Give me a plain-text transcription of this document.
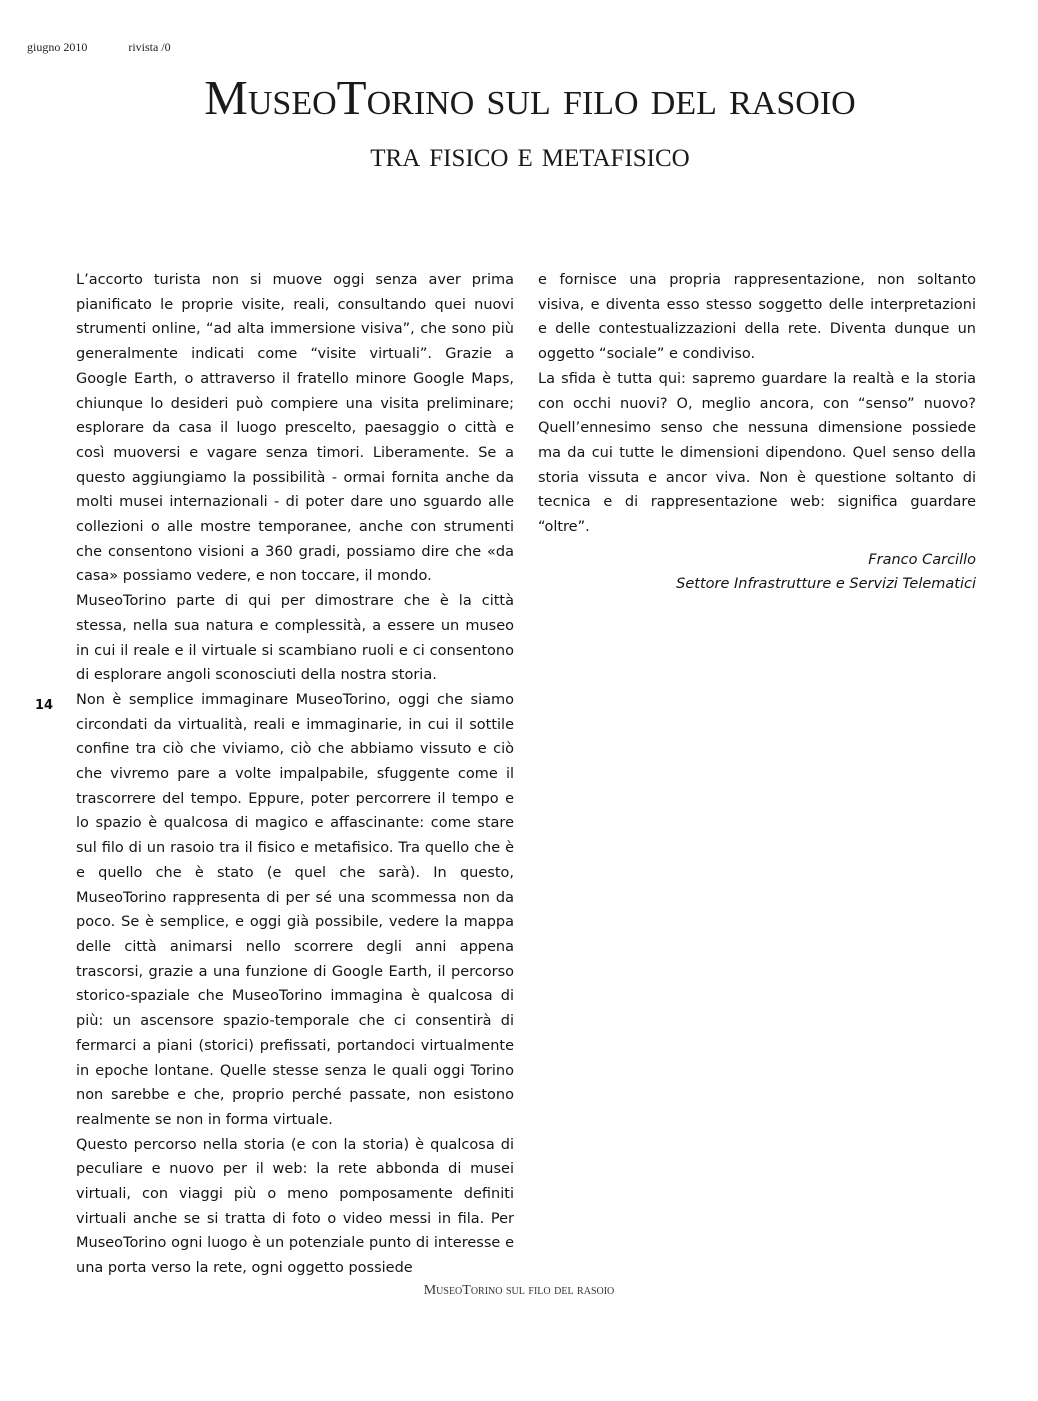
giugno 2010	rivista /0
MuseoTorino sul filo del rasoio
tra fisico e metafisico

L’accorto turista non si muove oggi senza aver prima pianificato le proprie visite, reali, consultando quei nuovi strumenti online, “ad alta immersione visiva”, che sono più generalmente indicati come “visite virtuali”. Grazie a Google Earth, o attraverso il fratello minore Google Maps, chiunque lo desideri può compiere una visita preliminare; esplorare da casa il luogo prescelto, paesaggio o città e così muoversi e vagare senza timori. Liberamente. Se a questo aggiungiamo la possibilità - ormai fornita anche da molti musei internazionali - di poter dare uno sguardo alle collezioni o alle mostre temporanee, anche con strumenti che consentono visioni a 360 gradi, possiamo dire che «da casa» possiamo vedere, e non toccare, il mondo.

MuseoTorino parte di qui per dimostrare che è la città stessa, nella sua natura e complessità, a essere un museo in cui il reale e il virtuale si scambiano ruoli e ci consentono di esplorare angoli sconosciuti della nostra storia.

Non è semplice immaginare MuseoTorino, oggi che siamo circondati da virtualità, reali e immaginarie, in cui il sottile confine tra ciò che viviamo, ciò che abbiamo vissuto e ciò che vivremo pare a volte impalpabile, sfuggente come il trascorrere del tempo. Eppure, poter percorrere il tempo e lo spazio è qualcosa di magico e affascinante: come stare sul filo di un rasoio tra il fisico e metafisico. Tra quello che è e quello che è stato (e quel che sarà). In questo, MuseoTorino rappresenta di per sé una scommessa non da poco. Se è semplice, e oggi già possibile, vedere la mappa delle città animarsi nello scorrere degli anni appena trascorsi, grazie a una funzione di Google Earth, il percorso storico-spaziale che MuseoTorino immagina è qualcosa di più: un ascensore spazio-temporale che ci consentirà di fermarci a piani (storici) prefissati, portandoci virtualmente in epoche lontane. Quelle stesse senza le quali oggi Torino non sarebbe e che, proprio perché passate, non esistono realmente se non in forma virtuale.

Questo percorso nella storia (e con la storia) è qualcosa di peculiare e nuovo per il web: la rete abbonda di musei virtuali, con viaggi più o meno pomposamente definiti virtuali anche se si tratta di foto o video messi in fila. Per MuseoTorino ogni luogo è un potenziale punto di interesse e una porta verso la rete, ogni oggetto possiede

e fornisce una propria rappresentazione, non soltanto visiva, e diventa esso stesso soggetto delle interpretazioni e delle contestualizzazioni della rete. Diventa dunque un oggetto “sociale” e condiviso.

La sfida è tutta qui: sapremo guardare la realtà e la storia con occhi nuovi? O, meglio ancora, con “senso” nuovo? Quell’ennesimo senso che nessuna dimensione possiede ma da cui tutte le dimensioni dipendono. Quel senso della storia vissuta e ancor viva. Non è questione soltanto di tecnica e di rappresentazione web: significa guardare “oltre”.

Franco Carcillo
Settore Infrastrutture e Servizi Telematici
14
MuseoTorino sul filo del rasoio
